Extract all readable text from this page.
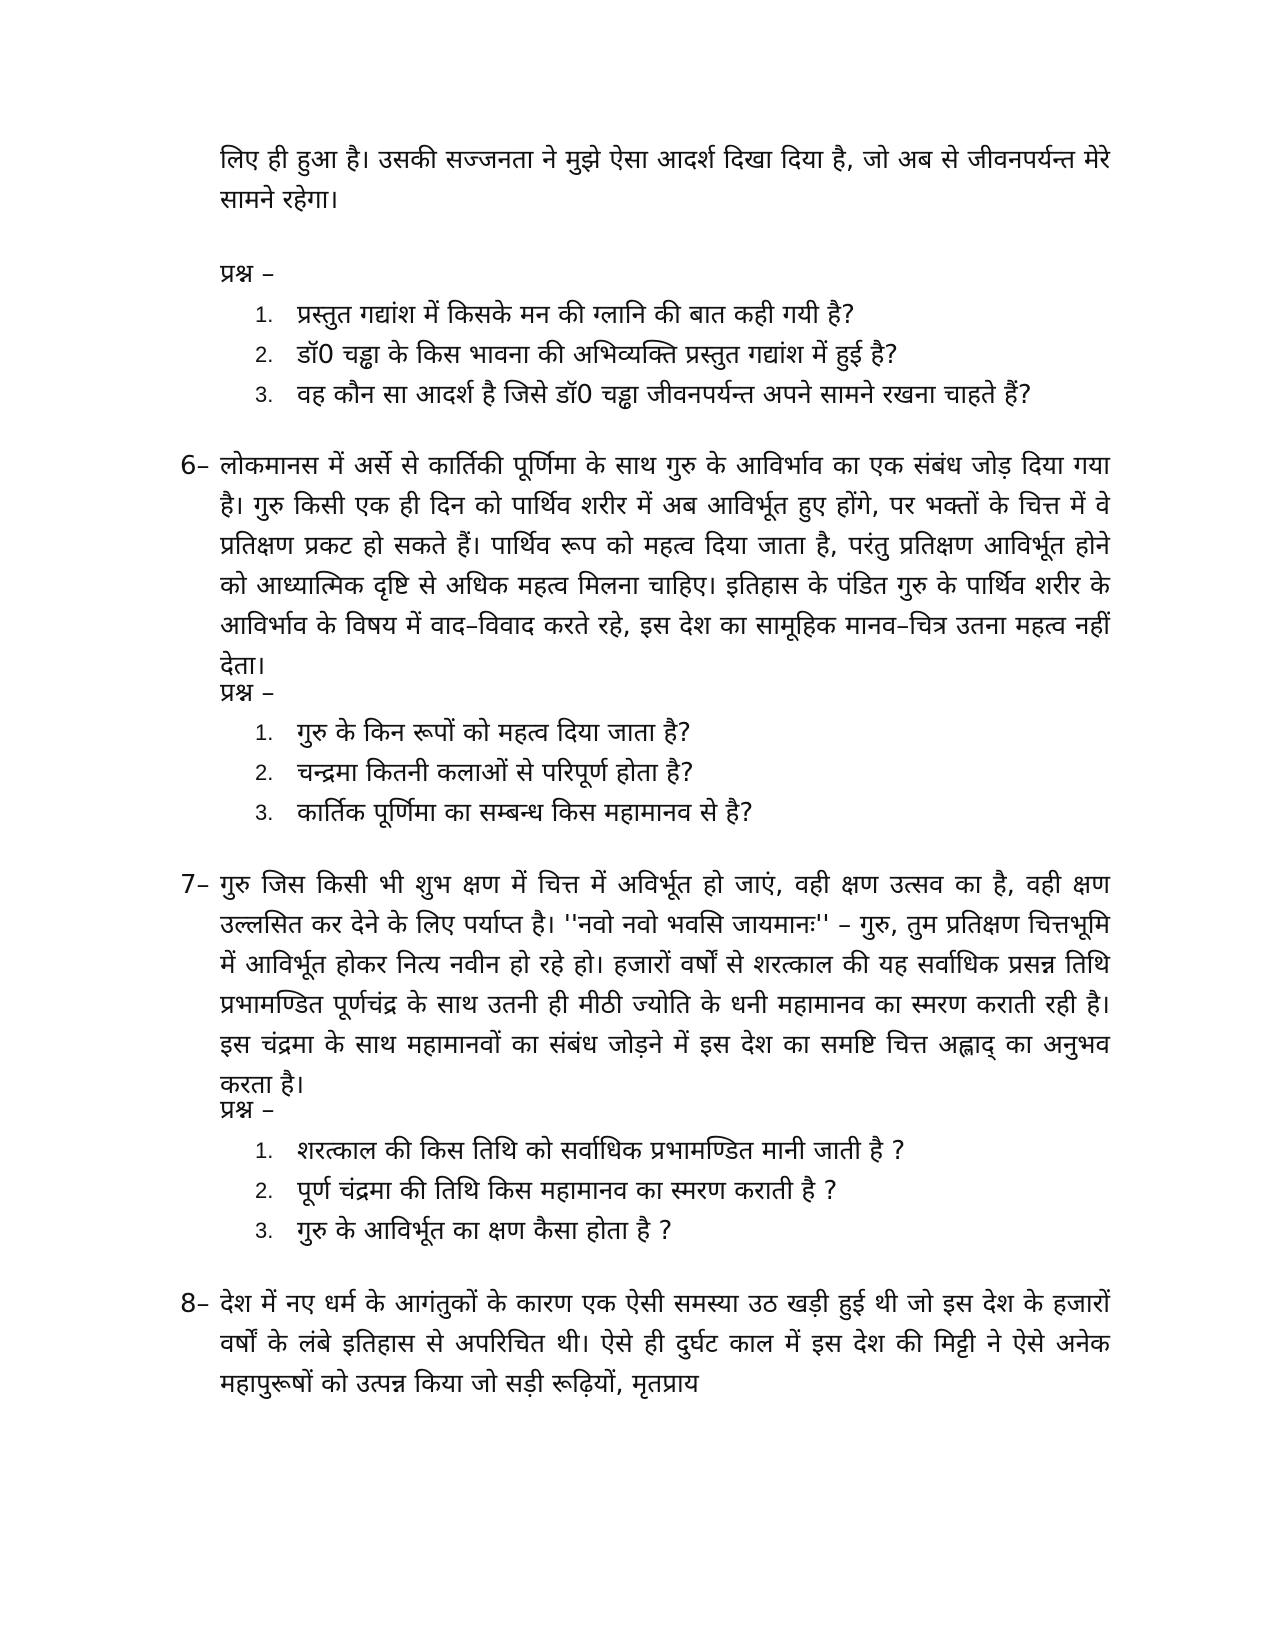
लिए ही हुआ है। उसकी सज्जनता ने मुझे ऐसा आदर्श दिखा दिया है, जो अब से जीवनपर्यन्त मेरे सामने रहेगा।

प्रश्न –
1. प्रस्तुत गद्यांश में किसके मन की ग्लानि की बात कही गयी है?
2. डॉ0 चड्ढा के किस भावना की अभिव्यक्ति प्रस्तुत गद्यांश में हुई है?
3. वह कौन सा आदर्श है जिसे डॉ0 चड्ढा जीवनपर्यन्त अपने सामने रखना चाहते हैं?
6– लोकमानस में अर्से से कार्तिकी पूर्णिमा के साथ गुरु के आविर्भाव का एक संबंध जोड़ दिया गया है। गुरु किसी एक ही दिन को पार्थिव शरीर में अब आविर्भूत हुए होंगे, पर भक्तों के चित्त में वे प्रतिक्षण प्रकट हो सकते हैं। पार्थिव रूप को महत्व दिया जाता है, परंतु प्रतिक्षण आविर्भूत होने को आध्यात्मिक दृष्टि से अधिक महत्व मिलना चाहिए। इतिहास के पंडित गुरु के पार्थिव शरीर के आविर्भाव के विषय में वाद–विवाद करते रहे, इस देश का सामूहिक मानव–चित्र उतना महत्व नहीं देता।

प्रश्न –
1. गुरु के किन रूपों को महत्व दिया जाता है?
2. चन्द्रमा कितनी कलाओं से परिपूर्ण होता है?
3. कार्तिक पूर्णिमा का सम्बन्ध किस महामानव से है?
7– गुरु जिस किसी भी शुभ क्षण में चित्त में अविर्भूत हो जाएं, वही क्षण उत्सव का है, वही क्षण उल्लसित कर देने के लिए पर्याप्त है। ''नवो नवो भवसि जायमानः'' – गुरु, तुम प्रतिक्षण चित्तभूमि में आविर्भूत होकर नित्य नवीन हो रहे हो। हजारों वर्षों से शरत्काल की यह सर्वाधिक प्रसन्न तिथि प्रभामण्डित पूर्णचंद्र के साथ उतनी ही मीठी ज्योति के धनी महामानव का स्मरण कराती रही है। इस चंद्रमा के साथ महामानवों का संबंध जोड़ने में इस देश का समष्टि चित्त अह्लाद् का अनुभव करता है।

प्रश्न –
1. शरत्काल की किस तिथि को सर्वाधिक प्रभामण्डित मानी जाती है ?
2. पूर्ण चंद्रमा की तिथि किस महामानव का स्मरण कराती है ?
3. गुरु के आविर्भूत का क्षण कैसा होता है ?
8– देश में नए धर्म के आगंतुकों के कारण एक ऐसी समस्या उठ खड़ी हुई थी जो इस देश के हजारों वर्षों के लंबे इतिहास से अपरिचित थी। ऐसे ही दुर्घट काल में इस देश की मिट्टी ने ऐसे अनेक महापुरूषों को उत्पन्न किया जो सड़ी रूढ़ियों, मृतप्राय
